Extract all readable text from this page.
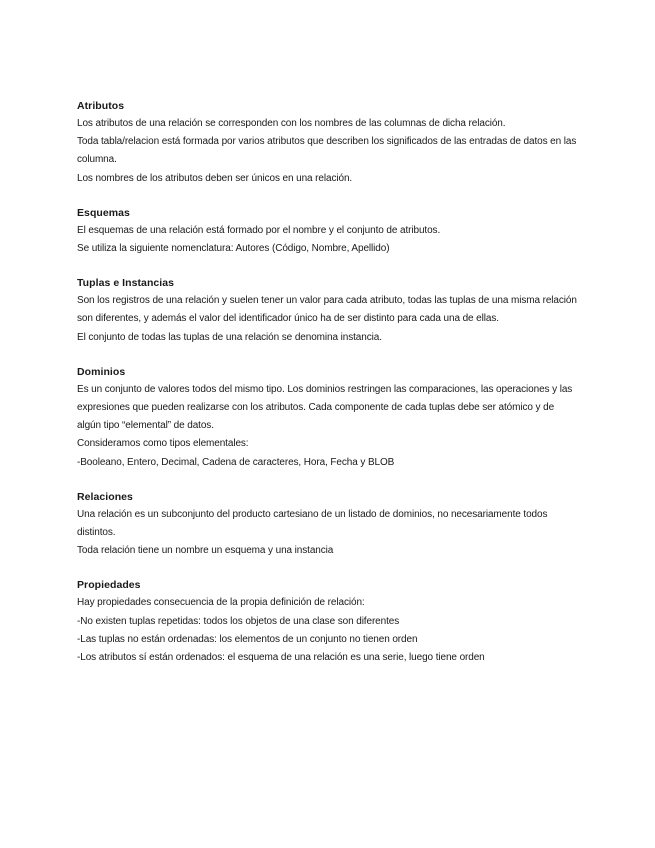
Atributos

Los atributos de una relación se corresponden con los nombres de las columnas de dicha relación.

Toda tabla/relacion está formada por varios atributos que describen los significados de las entradas de datos en las columna.

Los nombres de los atributos deben ser únicos en una relación.

Esquemas

El esquemas de una relación está formado por el nombre y el conjunto de atributos.

Se utiliza la siguiente nomenclatura: Autores (Código, Nombre, Apellido)

Tuplas e Instancias

Son los registros de una relación y suelen tener un valor para cada atributo, todas las tuplas de una misma relación son diferentes, y además el valor del identificador único ha de ser distinto para cada una de ellas.

El conjunto de todas las tuplas de una relación se denomina instancia.

Dominios

Es un conjunto de valores todos del mismo tipo. Los dominios restringen las comparaciones, las operaciones y las expresiones que pueden realizarse con los atributos. Cada componente de cada tuplas debe ser atómico y de algún tipo “elemental” de datos.

Consideramos como tipos elementales:

-Booleano, Entero, Decimal, Cadena de caracteres, Hora, Fecha y BLOB

Relaciones

Una relación es un subconjunto del producto cartesiano de un listado de dominios, no necesariamente todos distintos.

Toda relación tiene un nombre un esquema y una instancia

Propiedades

Hay propiedades consecuencia de la propia definición de relación:

-No existen tuplas repetidas: todos los objetos de una clase son diferentes

-Las tuplas no están ordenadas: los elementos de un conjunto no tienen orden

-Los atributos sí están ordenados: el esquema de una relación es una serie, luego tiene orden
